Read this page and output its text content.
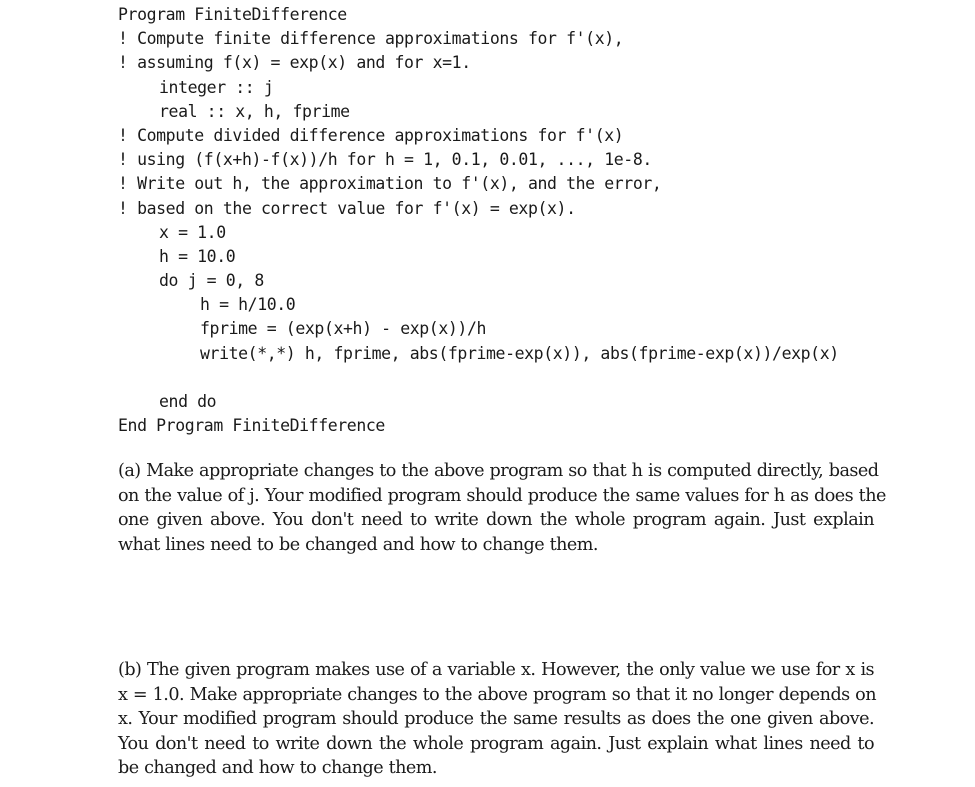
Program FiniteDifference
! Compute finite difference approximations for f'(x),
! assuming f(x) = exp(x) and for x=1.
integer :: j
real :: x, h, fprime
! Compute divided difference approximations for f'(x)
! using (f(x+h)-f(x))/h for h = 1, 0.1, 0.01, ..., 1e-8.
! Write out h, the approximation to f'(x), and the error,
! based on the correct value for f'(x) = exp(x).
x = 1.0
h = 10.0
do j = 0, 8
h = h/10.0
fprime = (exp(x+h) - exp(x))/h
write(*,*) h, fprime, abs(fprime-exp(x)), abs(fprime-exp(x))/exp(x)
end do
End Program FiniteDifference
(a) Make appropriate changes to the above program so that h is computed directly, based
on the value of j. Your modified program should produce the same values for h as does the
one given above. You don't need to write down the whole program again. Just explain
what lines need to be changed and how to change them.
(b) The given program makes use of a variable x. However, the only value we use for x is
x = 1.0. Make appropriate changes to the above program so that it no longer depends on
x. Your modified program should produce the same results as does the one given above.
You don't need to write down the whole program again. Just explain what lines need to
be changed and how to change them.
